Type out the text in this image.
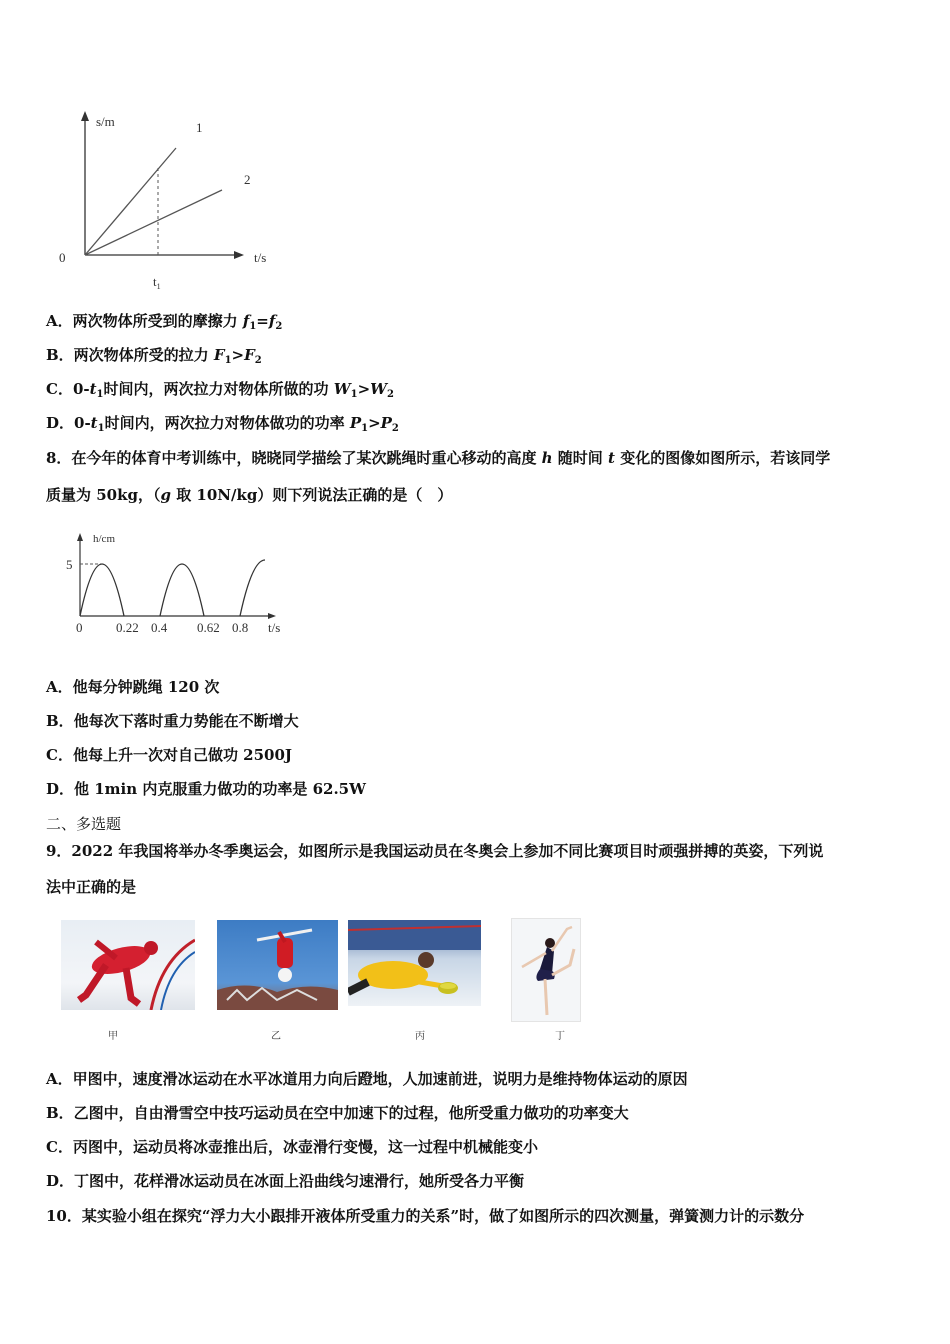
s/m	1
2
0	t/s
$t_1$
A．两次物体所受到的摩擦力 $f_1=f_2$
B．两次物体所受的拉力 $F_1>F_2$
C．$0-t_1$时间内，两次拉力对物体所做的功 $W_1>W_2$
D．$0-t_1$时间内，两次拉力对物体做功的功率 $P_1>P_2$
8．在今年的体育中考训练中，晓晓同学描绘了某次跳绳时重心移动的高度 h 随时间 t 变化的图像如图所示，若该同学
质量为 50kg，（g 取 10N/kg）则下列说法正确的是（　）
h/cm
5
0	0.22 0.4 0.62 0.8 t/s
A．他每分钟跳绳 120 次
B．他每次下落时重力势能在不断增大
C．他每上升一次对自己做功 2500J
D．他 1min 内克服重力做功的功率是 62.5W
二、多选题
9．2022 年我国将举办冬季奥运会，如图所示是我国运动员在冬奥会上参加不同比赛项目时顽强拼搏的英姿，下列说
法中正确的是
甲	乙	丙	丁
A．甲图中，速度滑冰运动在水平冰道用力向后蹬地，人加速前进，说明力是维持物体运动的原因
B．乙图中，自由滑雪空中技巧运动员在空中加速下的过程，他所受重力做功的功率变大
C．丙图中，运动员将冰壶推出后，冰壶滑行变慢，这一过程中机械能变小
D．丁图中，花样滑冰运动员在冰面上沿曲线匀速滑行，她所受各力平衡
10．某实验小组在探究“浮力大小跟排开液体所受重力的关系”时，做了如图所示的四次测量，弹簧测力计的示数分
